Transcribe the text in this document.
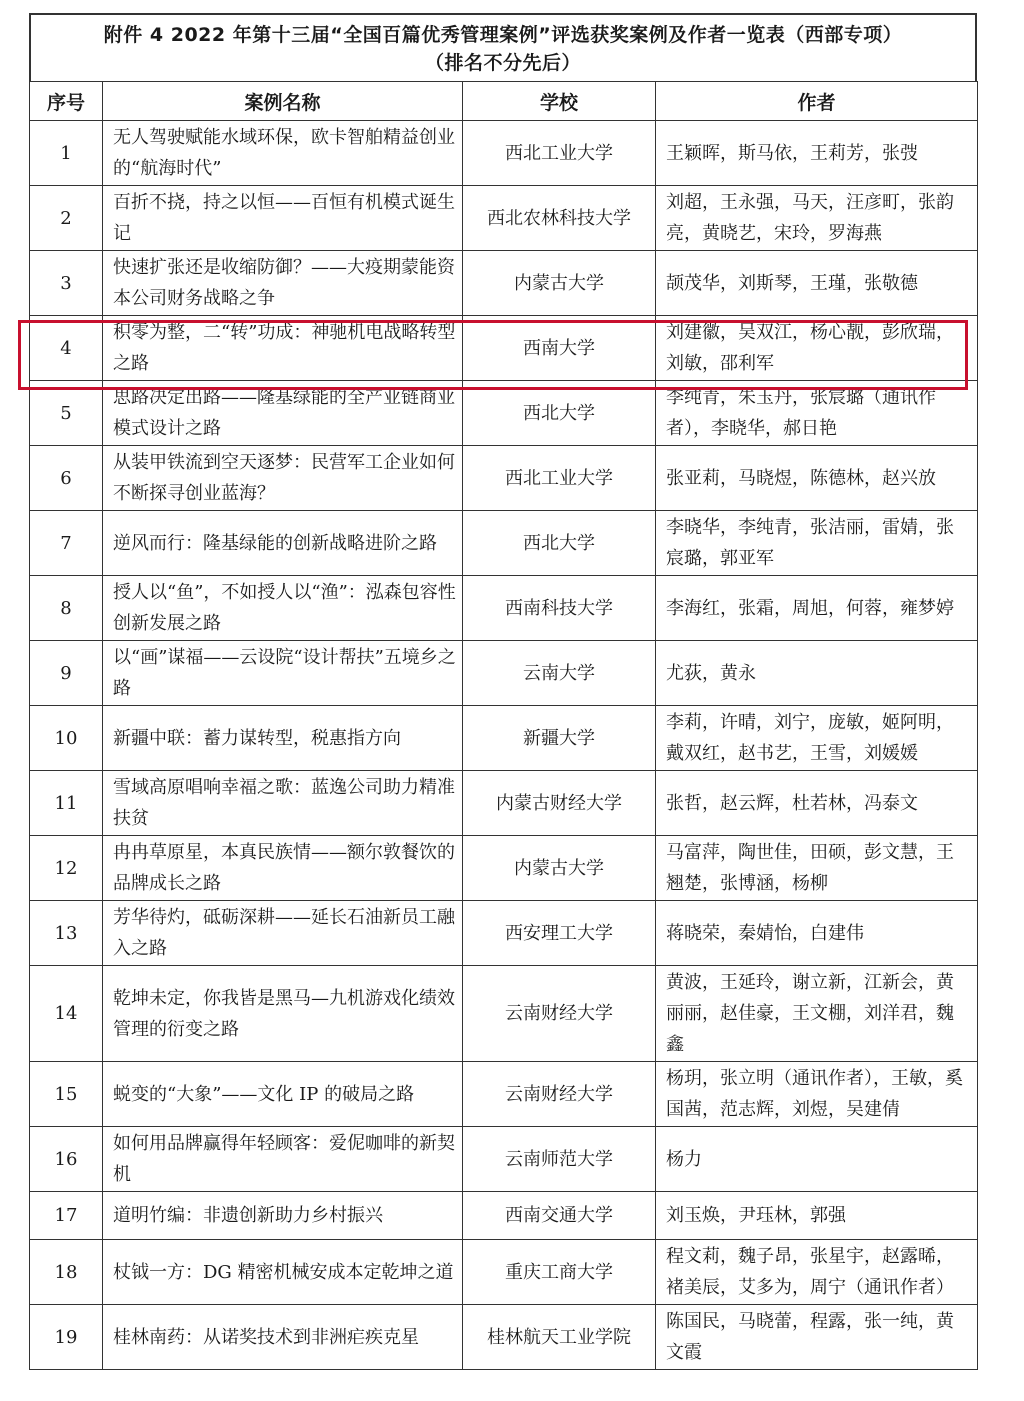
附件 4 2022 年第十三届“全国百篇优秀管理案例”评选获奖案例及作者一览表（西部专项）
（排名不分先后）
序号	案例名称	学校	作者
1	无人驾驶赋能水域环保，欧卡智舶精益创业的“航海时代”	西北工业大学	王颖晖，斯马依，王莉芳，张弢
2	百折不挠，持之以恒——百恒有机模式诞生记	西北农林科技大学	刘超，王永强，马天，汪彦町，张韵亮，黄晓艺，宋玲，罗海燕
3	快速扩张还是收缩防御？——大疫期蒙能资本公司财务战略之争	内蒙古大学	颉茂华，刘斯琴，王瑾，张敬德
4	积零为整，二“转”功成：神驰机电战略转型之路	西南大学	刘建徽，吴双江，杨心靓，彭欣瑞，刘敏，邵利军
5	思路决定出路——隆基绿能的全产业链商业模式设计之路	西北大学	李纯青，朱玉丹，张宸璐（通讯作者），李晓华，郝日艳
6	从装甲铁流到空天逐梦：民营军工企业如何不断探寻创业蓝海？	西北工业大学	张亚莉，马晓煜，陈德林，赵兴放
7	逆风而行：隆基绿能的创新战略进阶之路	西北大学	李晓华，李纯青，张洁丽，雷婧，张宸璐，郭亚军
8	授人以“鱼”，不如授人以“渔”：泓森包容性创新发展之路	西南科技大学	李海红，张霜，周旭，何蓉，雍梦婷
9	以“画”谋福——云设院“设计帮扶”五境乡之路	云南大学	尤荻，黄永
10	新疆中联：蓄力谋转型，税惠指方向	新疆大学	李莉，许晴，刘宁，庞敏，姬阿明，戴双红，赵书艺，王雪，刘媛媛
11	雪域高原唱响幸福之歌：蓝逸公司助力精准扶贫	内蒙古财经大学	张哲，赵云辉，杜若林，冯泰文
12	冉冉草原星，本真民族情——额尔敦餐饮的品牌成长之路	内蒙古大学	马富萍，陶世佳，田硕，彭文慧，王翘楚，张博涵，杨柳
13	芳华待灼，砥砺深耕——延长石油新员工融入之路	西安理工大学	蒋晓荣，秦婧怡，白建伟
14	乾坤未定，你我皆是黑马—九机游戏化绩效管理的衍变之路	云南财经大学	黄波，王延玲，谢立新，江新会，黄丽丽，赵佳豪，王文棚，刘洋君，魏鑫
15	蜕变的“大象”——文化 IP 的破局之路	云南财经大学	杨玥，张立明（通讯作者），王敏，奚国茜，范志辉，刘煜，吴建倩
16	如何用品牌赢得年轻顾客：爱伲咖啡的新契机	云南师范大学	杨力
17	道明竹编：非遗创新助力乡村振兴	西南交通大学	刘玉焕，尹珏林，郭强
18	杖钺一方：DG 精密机械安成本定乾坤之道	重庆工商大学	程文莉，魏子昂，张星宇，赵露晞，褚美辰，艾多为，周宁（通讯作者）
19	桂林南药：从诺奖技术到非洲疟疾克星	桂林航天工业学院	陈国民，马晓蕾，程露，张一纯，黄文霞
